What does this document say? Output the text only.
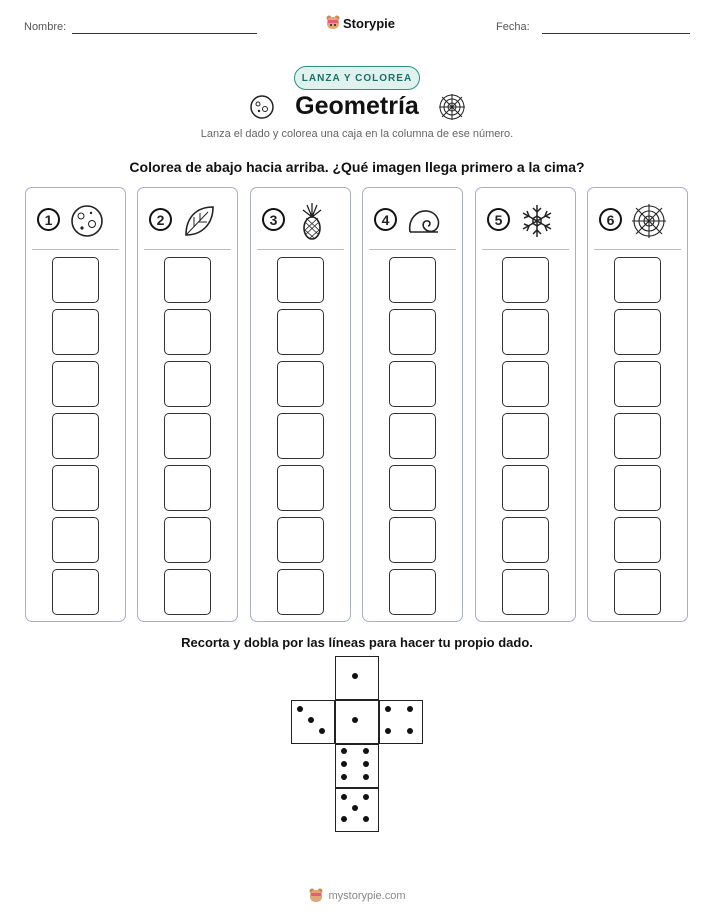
Nombre:	Storypie	Fecha:
LANZA Y COLOREA
Geometría
Lanza el dado y colorea una caja en la columna de ese número.
Colorea de abajo hacia arriba. ¿Qué imagen llega primero a la cima?
1	2	3	4	5	6
Recorta y dobla por las líneas para hacer tu propio dado.
mystorypie.com
